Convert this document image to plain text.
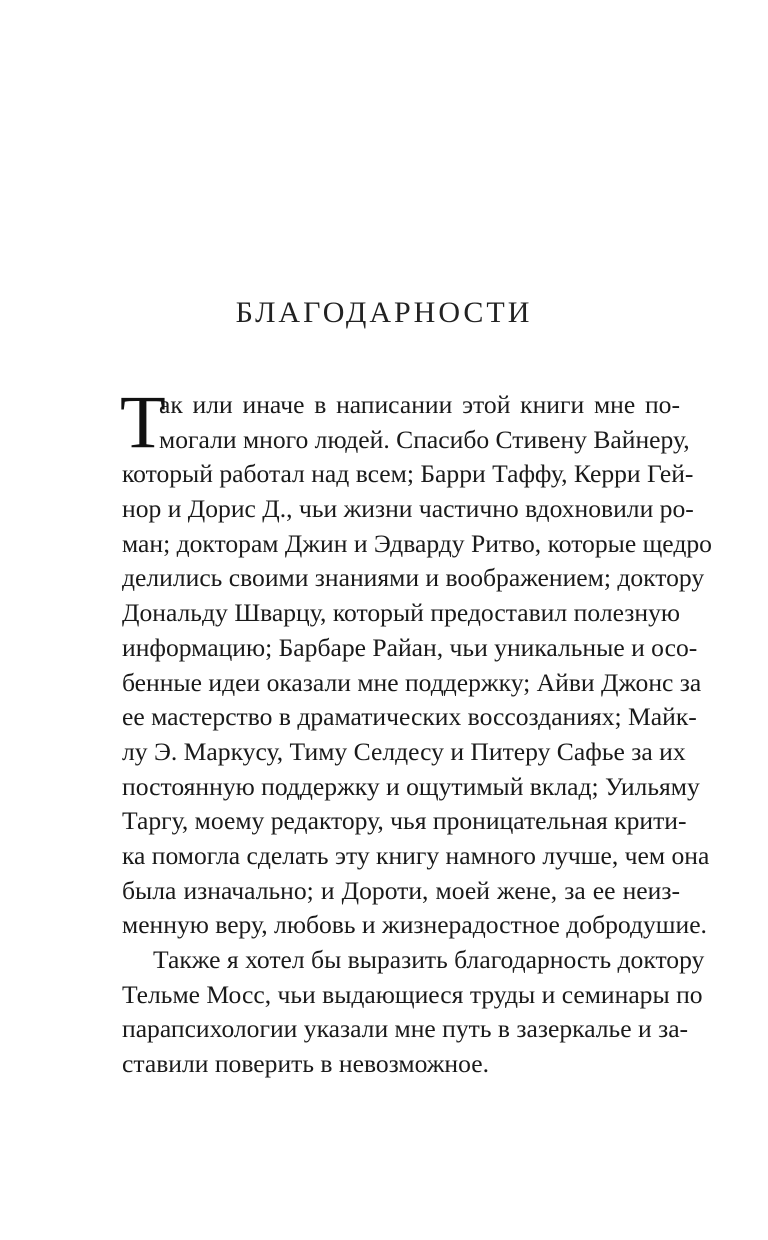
БЛАГОДАРНОСТИ
Т
ак или иначе в написании этой книги мне по-
могали много людей. Спасибо Стивену Вайнеру,
который работал над всем; Барри Таффу, Керри Гей-
нор и Дорис Д., чьи жизни частично вдохновили ро-
ман; докторам Джин и Эдварду Ритво, которые щедро
делились своими знаниями и воображением; доктору
Дональду Шварцу, который предоставил полезную
информацию; Барбаре Райан, чьи уникальные и осо-
бенные идеи оказали мне поддержку; Айви Джонс за
ее мастерство в драматических воссозданиях; Майк-
лу Э. Маркусу, Тиму Селдесу и Питеру Сафье за их
постоянную поддержку и ощутимый вклад; Уильяму
Таргу, моему редактору, чья проницательная крити-
ка помогла сделать эту книгу намного лучше, чем она
была изначально; и Дороти, моей жене, за ее неиз-
менную веру, любовь и жизнерадостное добродушие.
Также я хотел бы выразить благодарность доктору
Тельме Мосс, чьи выдающиеся труды и семинары по
парапсихологии указали мне путь в зазеркалье и за-
ставили поверить в невозможное.
